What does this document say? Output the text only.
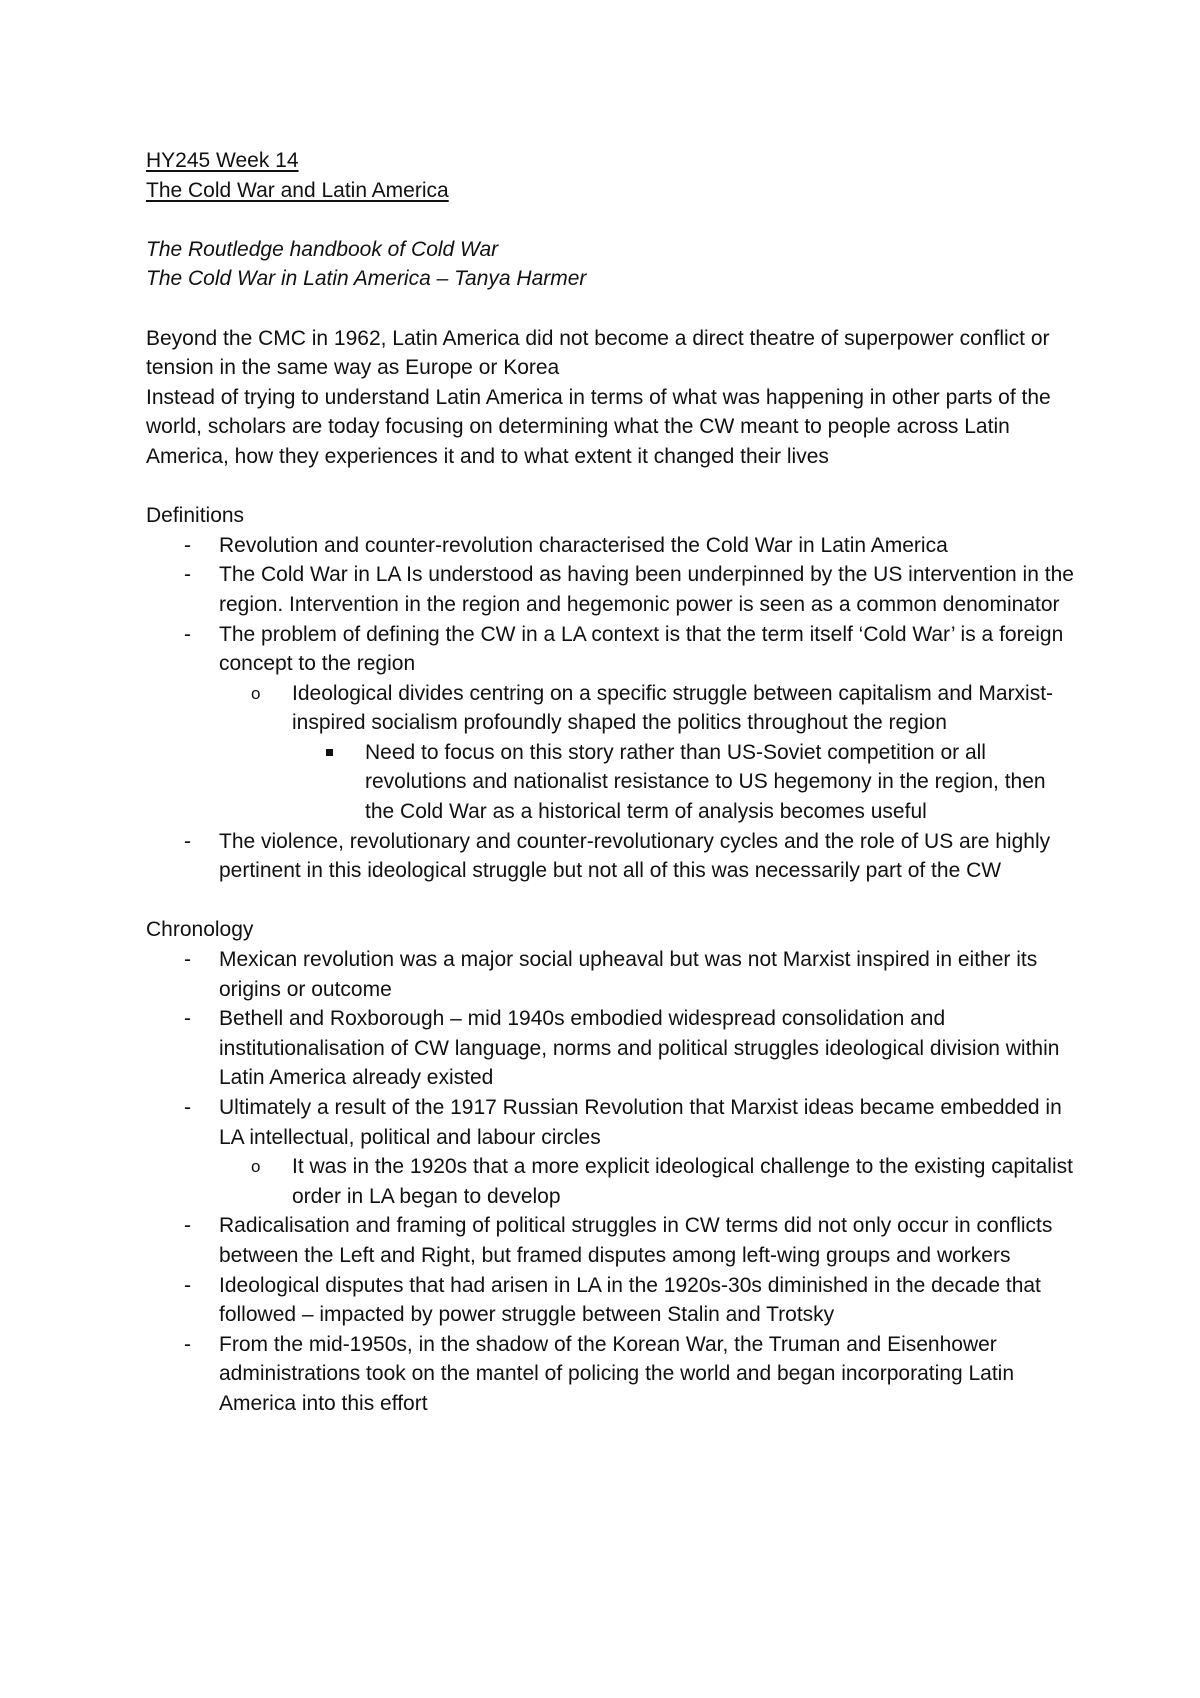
HY245 Week 14

The Cold War and Latin America

The Routledge handbook of Cold War

The Cold War in Latin America – Tanya Harmer

Beyond the CMC in 1962, Latin America did not become a direct theatre of superpower conflict or tension in the same way as Europe or Korea

Instead of trying to understand Latin America in terms of what was happening in other parts of the world, scholars are today focusing on determining what the CW meant to people across Latin America, how they experiences it and to what extent it changed their lives

Definitions

- Revolution and counter-revolution characterised the Cold War in Latin America
- The Cold War in LA Is understood as having been underpinned by the US intervention in the region. Intervention in the region and hegemonic power is seen as a common denominator
- The problem of defining the CW in a LA context is that the term itself ‘Cold War’ is a foreign concept to the region
o Ideological divides centring on a specific struggle between capitalism and Marxist-inspired socialism profoundly shaped the politics throughout the region
Need to focus on this story rather than US-Soviet competition or all revolutions and nationalist resistance to US hegemony in the region, then the Cold War as a historical term of analysis becomes useful
- The violence, revolutionary and counter-revolutionary cycles and the role of US are highly pertinent in this ideological struggle but not all of this was necessarily part of the CW

Chronology

- Mexican revolution was a major social upheaval but was not Marxist inspired in either its origins or outcome
- Bethell and Roxborough – mid 1940s embodied widespread consolidation and institutionalisation of CW language, norms and political struggles ideological division within Latin America already existed
- Ultimately a result of the 1917 Russian Revolution that Marxist ideas became embedded in LA intellectual, political and labour circles
o It was in the 1920s that a more explicit ideological challenge to the existing capitalist order in LA began to develop
- Radicalisation and framing of political struggles in CW terms did not only occur in conflicts between the Left and Right, but framed disputes among left-wing groups and workers
- Ideological disputes that had arisen in LA in the 1920s-30s diminished in the decade that followed – impacted by power struggle between Stalin and Trotsky
- From the mid-1950s, in the shadow of the Korean War, the Truman and Eisenhower administrations took on the mantel of policing the world and began incorporating Latin America into this effort
